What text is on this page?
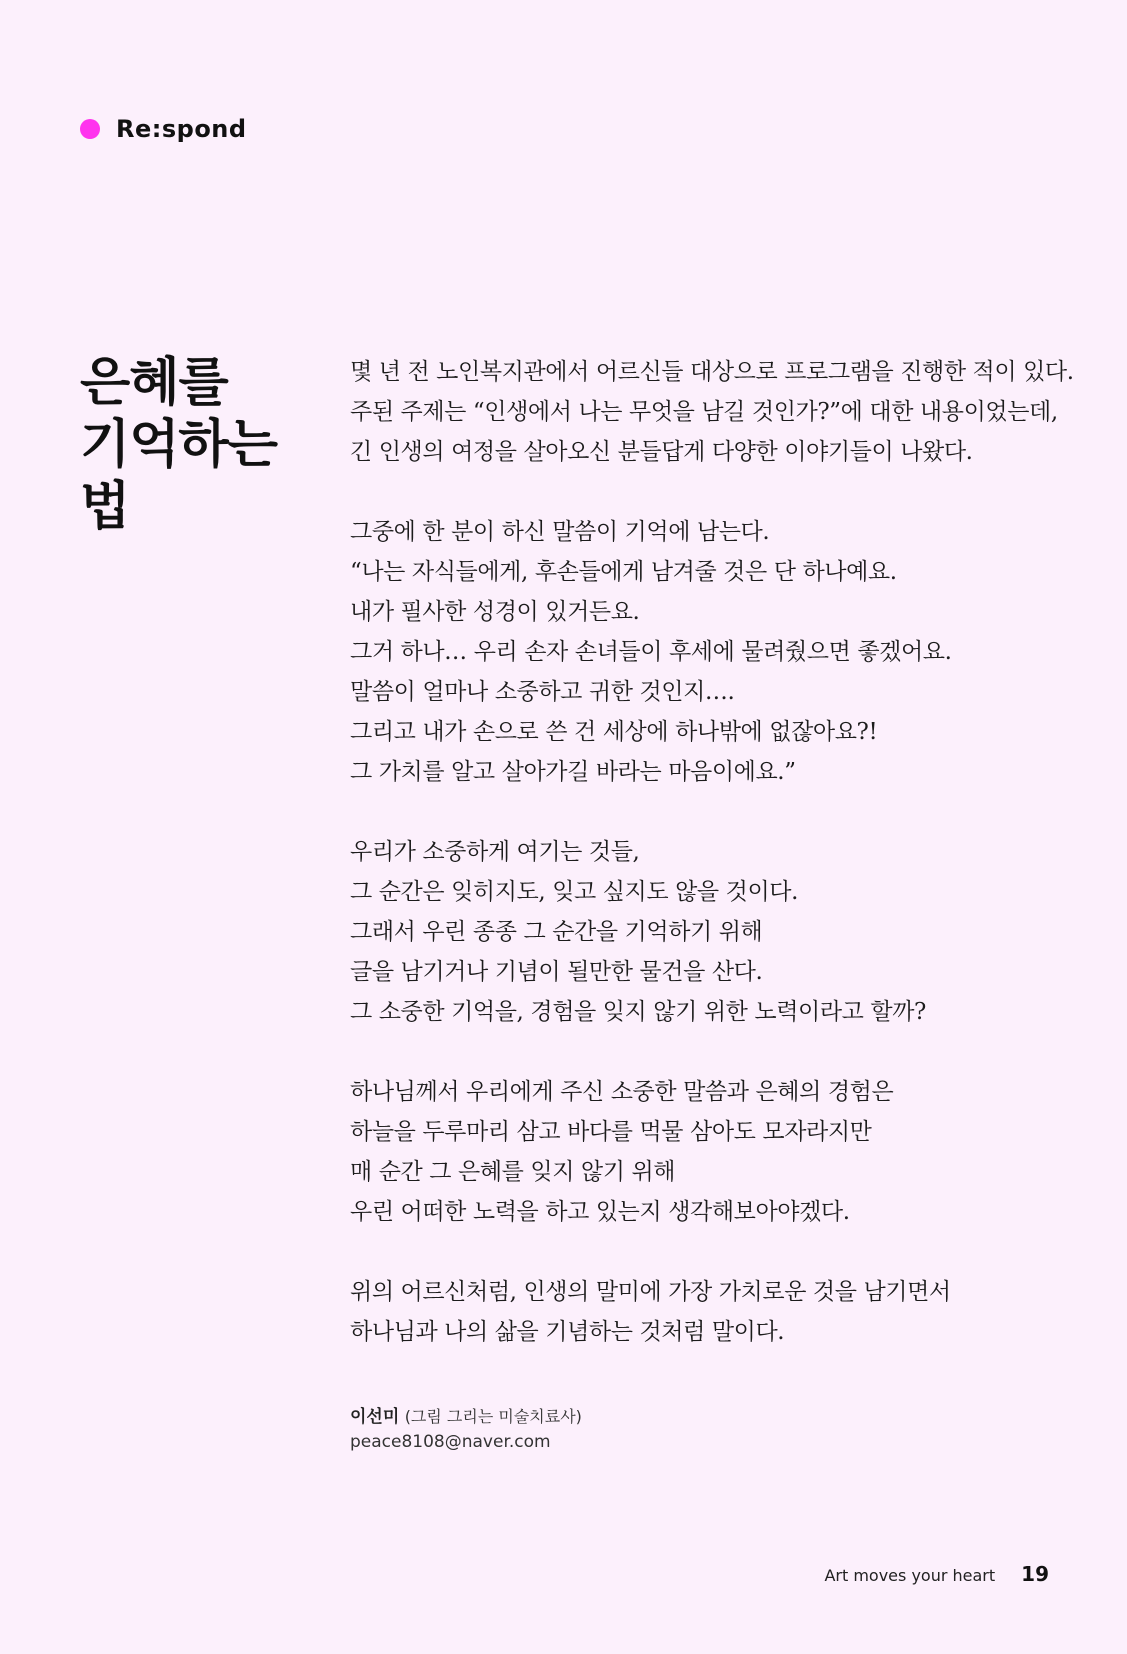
Re:spond
은혜를
기억하는
법

몇 년 전 노인복지관에서 어르신들 대상으로 프로그램을 진행한 적이 있다.
주된 주제는 “인생에서 나는 무엇을 남길 것인가?”에 대한 내용이었는데,
긴 인생의 여정을 살아오신 분들답게 다양한 이야기들이 나왔다.

그중에 한 분이 하신 말씀이 기억에 남는다.
“나는 자식들에게, 후손들에게 남겨줄 것은 단 하나예요.
내가 필사한 성경이 있거든요.
그거 하나… 우리 손자 손녀들이 후세에 물려줬으면 좋겠어요.
말씀이 얼마나 소중하고 귀한 것인지….
그리고 내가 손으로 쓴 건 세상에 하나밖에 없잖아요?!
그 가치를 알고 살아가길 바라는 마음이에요.”

우리가 소중하게 여기는 것들,
그 순간은 잊히지도, 잊고 싶지도 않을 것이다.
그래서 우린 종종 그 순간을 기억하기 위해
글을 남기거나 기념이 될만한 물건을 산다.
그 소중한 기억을, 경험을 잊지 않기 위한 노력이라고 할까?

하나님께서 우리에게 주신 소중한 말씀과 은혜의 경험은
하늘을 두루마리 삼고 바다를 먹물 삼아도 모자라지만
매 순간 그 은혜를 잊지 않기 위해
우린 어떠한 노력을 하고 있는지 생각해보아야겠다.

위의 어르신처럼, 인생의 말미에 가장 가치로운 것을 남기면서
하나님과 나의 삶을 기념하는 것처럼 말이다.

이선미 (그림 그리는 미술치료사)
peace8108@naver.com
Art moves your heart 19
